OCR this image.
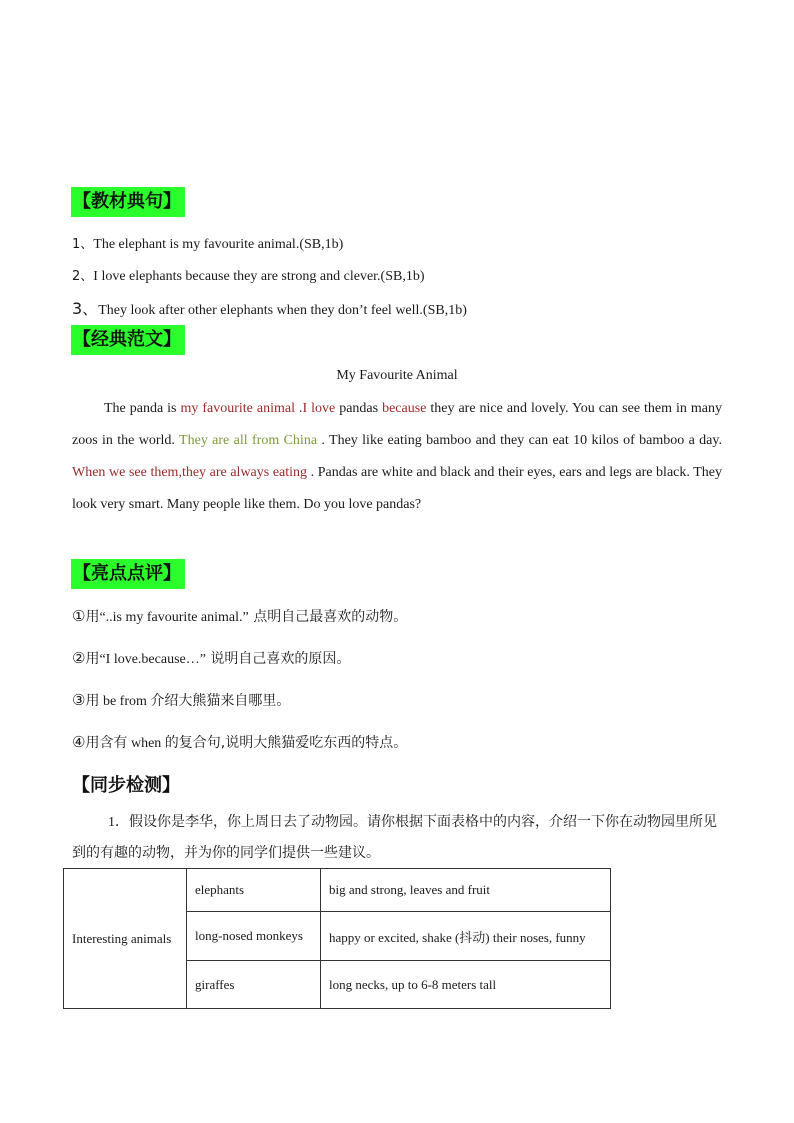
【教材典句】
1、The elephant is my favourite animal.(SB,1b)
2、I love elephants because they are strong and clever.(SB,1b)
3、They look after other elephants when they don’t feel well.(SB,1b)
【经典范文】
My Favourite Animal
The panda is my favourite animal .I love pandas because they are nice and lovely. You can see them in many zoos in the world. They are all from China . They like eating bamboo and they can eat 10 kilos of bamboo a day. When we see them,they are always eating . Pandas are white and black and their eyes, ears and legs are black. They look very smart. Many people like them. Do you love pandas?
【亮点点评】
①用“..is my favourite animal.” 点明自己最喜欢的动物。
②用“I love.because…” 说明自己喜欢的原因。
③用 be from 介绍大熊猫来自哪里。
④用含有 when 的复合句,说明大熊猫爱吃东西的特点。
【同步检测】
1．假设你是李华，你上周日去了动物园。请你根据下面表格中的内容，介绍一下你在动物园里所见到的有趣的动物，并为你的同学们提供一些建议。
Interesting animals	elephants	big and strong, leaves and fruit
	long-nosed monkeys	happy or excited, shake (抖动) their noses, funny
	giraffes	long necks, up to 6-8 meters tall
